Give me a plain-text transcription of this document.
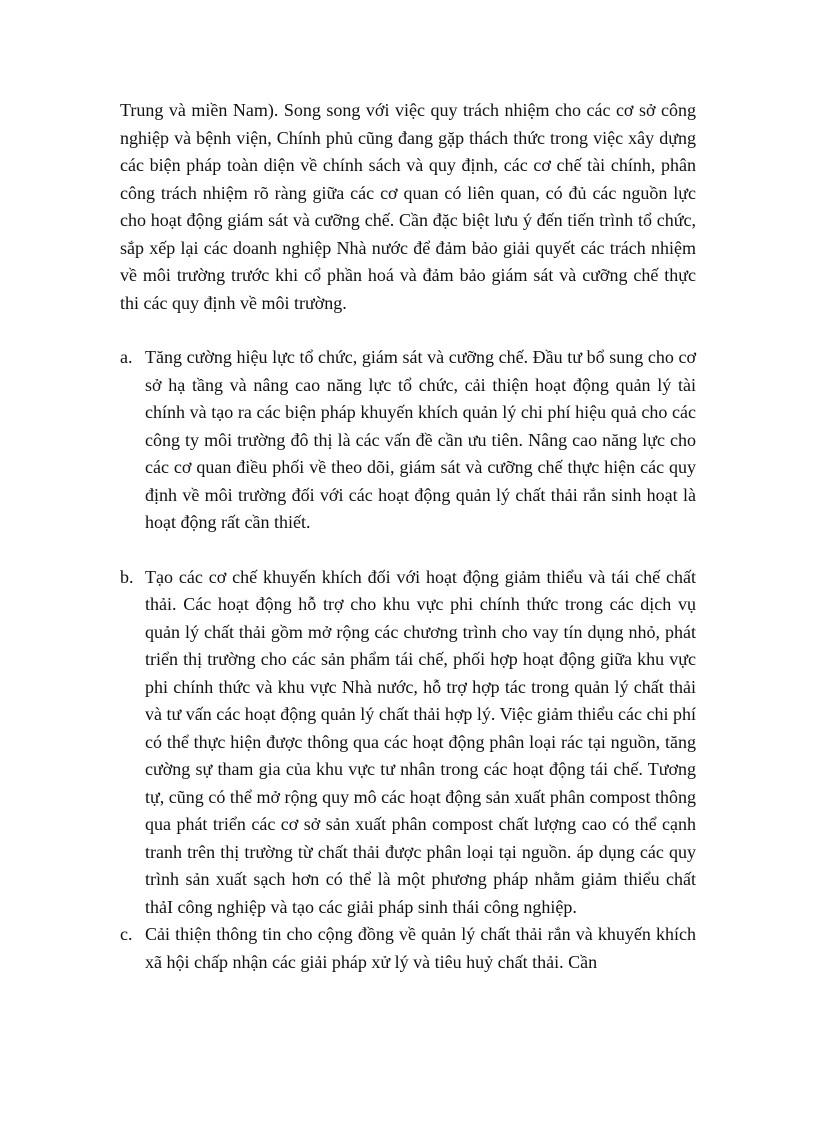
Trung và miền Nam). Song song với việc quy trách nhiệm cho các cơ sở công nghiệp và bệnh viện, Chính phủ cũng đang gặp thách thức trong việc xây dựng các biện pháp toàn diện về chính sách và quy định, các cơ chế tài chính, phân công trách nhiệm rõ ràng giữa các cơ quan có liên quan, có đủ các nguồn lực cho hoạt động giám sát và cưỡng chế. Cần đặc biệt lưu ý đến tiến trình tổ chức, sắp xếp lại các doanh nghiệp Nhà nước để đảm bảo giải quyết các trách nhiệm về môi trường trước khi cổ phần hoá và đảm bảo giám sát và cưỡng chế thực thi các quy định về môi trường.

a. Tăng cường hiệu lực tổ chức, giám sát và cưỡng chế. Đầu tư bổ sung cho cơ sở hạ tầng và nâng cao năng lực tổ chức, cải thiện hoạt động quản lý tài chính và tạo ra các biện pháp khuyến khích quản lý chi phí hiệu quả cho các công ty môi trường đô thị là các vấn đề cần ưu tiên. Nâng cao năng lực cho các cơ quan điều phối về theo dõi, giám sát và cưỡng chế thực hiện các quy định về môi trường đối với các hoạt động quản lý chất thải rắn sinh hoạt là hoạt động rất cần thiết.

b. Tạo các cơ chế khuyến khích đối với hoạt động giảm thiểu và tái chế chất thải. Các hoạt động hỗ trợ cho khu vực phi chính thức trong các dịch vụ quản lý chất thải gồm mở rộng các chương trình cho vay tín dụng nhỏ, phát triển thị trường cho các sản phẩm tái chế, phối hợp hoạt động giữa khu vực phi chính thức và khu vực Nhà nước, hỗ trợ hợp tác trong quản lý chất thải và tư vấn các hoạt động quản lý chất thải hợp lý. Việc giảm thiểu các chi phí có thể thực hiện được thông qua các hoạt động phân loại rác tại nguồn, tăng cường sự tham gia của khu vực tư nhân trong các hoạt động tái chế. Tương tự, cũng có thể mở rộng quy mô các hoạt động sản xuất phân compost thông qua phát triển các cơ sở sản xuất phân compost chất lượng cao có thể cạnh tranh trên thị trường từ chất thải được phân loại tại nguồn. áp dụng các quy trình sản xuất sạch hơn có thể là một phương pháp nhằm giảm thiểu chất thảI công nghiệp và tạo các giải pháp sinh thái công nghiệp.

c. Cải thiện thông tin cho cộng đồng về quản lý chất thải rắn và khuyến khích xã hội chấp nhận các giải pháp xử lý và tiêu huỷ chất thải. Cần
